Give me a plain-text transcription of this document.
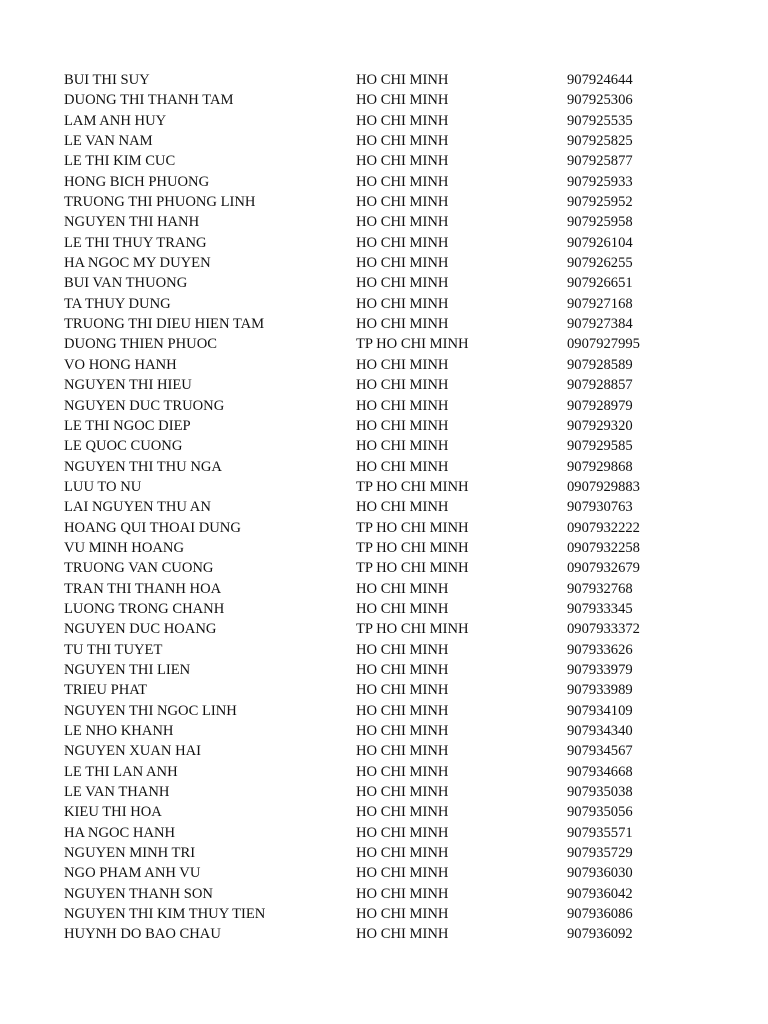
BUI THI SUY	HO CHI MINH	907924644
DUONG THI THANH TAM	HO CHI MINH	907925306
LAM ANH HUY	HO CHI MINH	907925535
LE VAN NAM	HO CHI MINH	907925825
LE THI KIM CUC	HO CHI MINH	907925877
HONG BICH PHUONG	HO CHI MINH	907925933
TRUONG THI PHUONG LINH	HO CHI MINH	907925952
NGUYEN THI HANH	HO CHI MINH	907925958
LE THI THUY TRANG	HO CHI MINH	907926104
HA NGOC MY DUYEN	HO CHI MINH	907926255
BUI VAN THUONG	HO CHI MINH	907926651
TA THUY DUNG	HO CHI MINH	907927168
TRUONG THI DIEU HIEN TAM	HO CHI MINH	907927384
DUONG THIEN PHUOC	TP HO CHI MINH	0907927995
VO HONG HANH	HO CHI MINH	907928589
NGUYEN THI HIEU	HO CHI MINH	907928857
NGUYEN DUC TRUONG	HO CHI MINH	907928979
LE THI NGOC DIEP	HO CHI MINH	907929320
LE QUOC CUONG	HO CHI MINH	907929585
NGUYEN THI THU NGA	HO CHI MINH	907929868
LUU TO NU	TP HO CHI MINH	0907929883
LAI NGUYEN THU AN	HO CHI MINH	907930763
HOANG QUI THOAI DUNG	TP HO CHI MINH	0907932222
VU MINH HOANG	TP HO CHI MINH	0907932258
TRUONG VAN CUONG	TP HO CHI MINH	0907932679
TRAN THI THANH HOA	HO CHI MINH	907932768
LUONG TRONG CHANH	HO CHI MINH	907933345
NGUYEN DUC HOANG	TP HO CHI MINH	0907933372
TU THI TUYET	HO CHI MINH	907933626
NGUYEN THI LIEN	HO CHI MINH	907933979
TRIEU PHAT	HO CHI MINH	907933989
NGUYEN THI NGOC LINH	HO CHI MINH	907934109
LE NHO KHANH	HO CHI MINH	907934340
NGUYEN XUAN HAI	HO CHI MINH	907934567
LE THI LAN ANH	HO CHI MINH	907934668
LE VAN THANH	HO CHI MINH	907935038
KIEU THI HOA	HO CHI MINH	907935056
HA NGOC HANH	HO CHI MINH	907935571
NGUYEN MINH TRI	HO CHI MINH	907935729
NGO PHAM ANH VU	HO CHI MINH	907936030
NGUYEN THANH SON	HO CHI MINH	907936042
NGUYEN THI KIM THUY TIEN	HO CHI MINH	907936086
HUYNH DO BAO CHAU	HO CHI MINH	907936092
